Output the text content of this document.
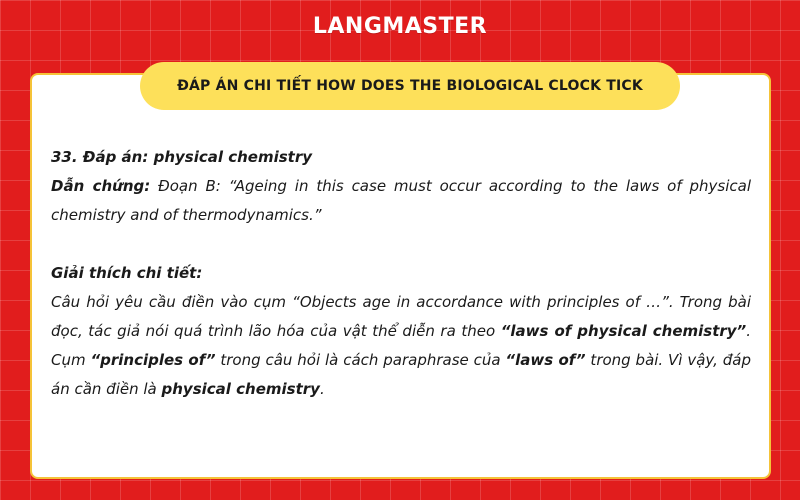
LANGMASTER
ĐÁP ÁN CHI TIẾT HOW DOES THE BIOLOGICAL CLOCK TICK

33. Đáp án: physical chemistry

Dẫn chứng: Đoạn B: “Ageing in this case must occur according to the laws of physical chemistry and of thermodynamics.”

Giải thích chi tiết:

Câu hỏi yêu cầu điền vào cụm “Objects age in accordance with principles of …”. Trong bài đọc, tác giả nói quá trình lão hóa của vật thể diễn ra theo “laws of physical chemistry”. Cụm “principles of” trong câu hỏi là cách paraphrase của “laws of” trong bài. Vì vậy, đáp án cần điền là physical chemistry.
